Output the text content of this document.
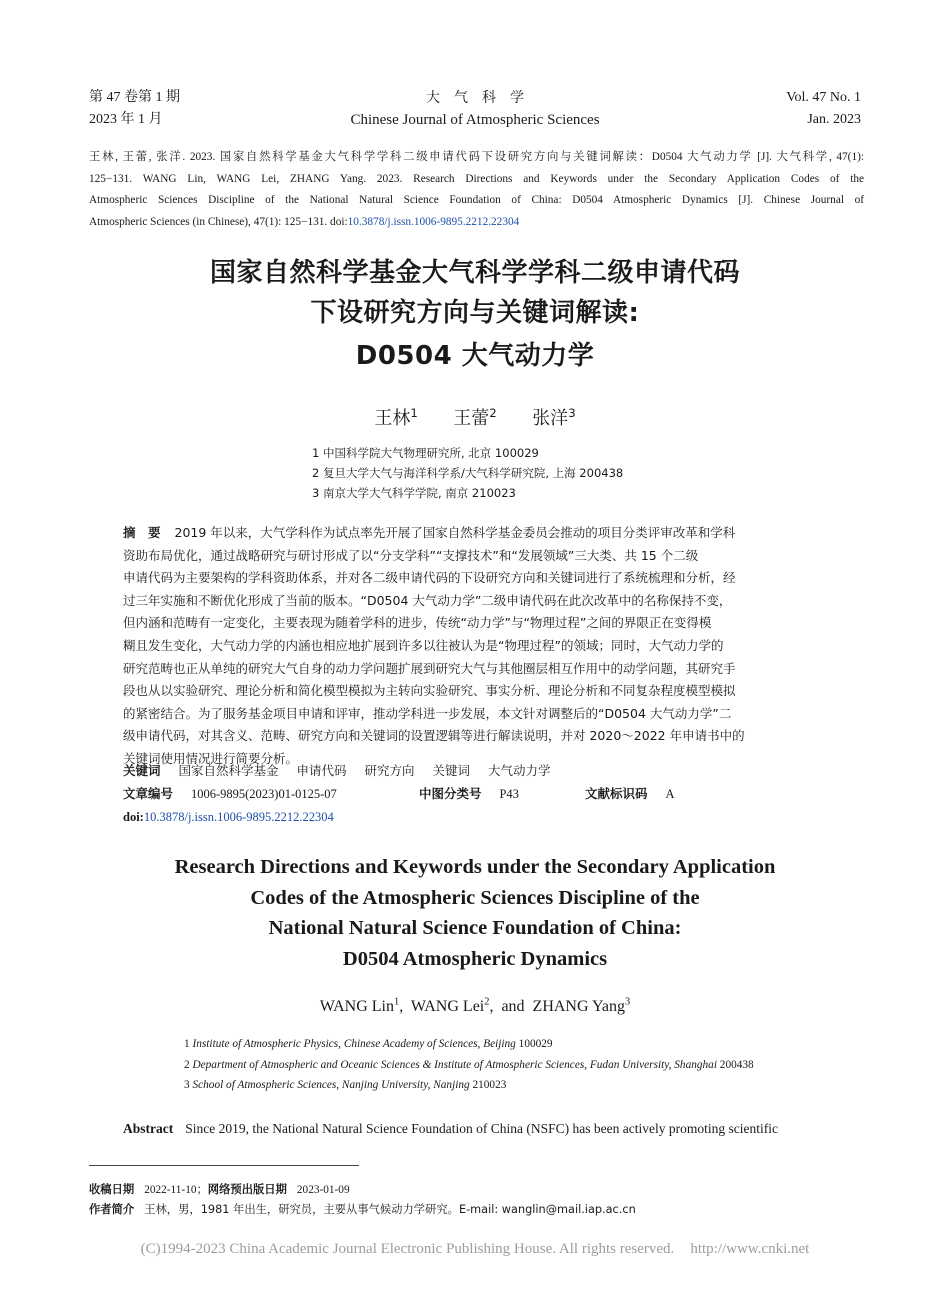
第 47 卷第 1 期
2023 年 1 月
大　气　科　学
Chinese Journal of Atmospheric Sciences
Vol. 47 No. 1
Jan. 2023
王林, 王蕾, 张洋. 2023. 国家自然科学基金大气科学学科二级申请代码下设研究方向与关键词解读：D0504 大气动力学 [J]. 大气科学, 47(1):
125−131. WANG Lin, WANG Lei, ZHANG Yang. 2023. Research Directions and Keywords under the Secondary Application Codes of the
Atmospheric Sciences Discipline of the National Natural Science Foundation of China: D0504 Atmospheric Dynamics [J]. Chinese Journal of
Atmospheric Sciences (in Chinese), 47(1): 125−131. doi:10.3878/j.issn.1006-9895.2212.22304
国家自然科学基金大气科学学科二级申请代码
下设研究方向与关键词解读:
D0504 大气动力学
王林$^1$ 王蕾$^2$ 张洋$^3$
1 中国科学院大气物理研究所, 北京 100029
2 复旦大学大气与海洋科学系/大气科学研究院, 上海 200438
3 南京大学大气科学学院, 南京 210023
摘　要 2019 年以来，大气学科作为试点率先开展了国家自然科学基金委员会推动的项目分类评审改革和学科
资助布局优化，通过战略研究与研讨形成了以“分支学科”“支撑技术”和“发展领域”三大类、共 15 个二级
申请代码为主要架构的学科资助体系，并对各二级申请代码的下设研究方向和关键词进行了系统梳理和分析，经
过三年实施和不断优化形成了当前的版本。“D0504 大气动力学”二级申请代码在此次改革中的名称保持不变，
但内涵和范畴有一定变化，主要表现为随着学科的进步，传统“动力学”与“物理过程”之间的界限正在变得模
糊且发生变化，大气动力学的内涵也相应地扩展到许多以往被认为是“物理过程”的领域；同时，大气动力学的
研究范畴也正从单纯的研究大气自身的动力学问题扩展到研究大气与其他圈层相互作用中的动学问题，其研究手
段也从以实验研究、理论分析和简化模型模拟为主转向实验研究、事实分析、理论分析和不同复杂程度模型模拟
的紧密结合。为了服务基金项目申请和评审，推动学科进一步发展，本文针对调整后的“D0504 大气动力学”二
级申请代码，对其含义、范畴、研究方向和关键词的设置逻辑等进行解读说明，并对 2020～2022 年申请书中的
关键词使用情况进行简要分析。
关键词 国家自然科学基金 申请代码 研究方向 关键词 大气动力学
文章编号 1006-9895(2023)01-0125-07	中图分类号 P43	文献标识码 A
doi:10.3878/j.issn.1006-9895.2212.22304
Research Directions and Keywords under the Secondary Application
Codes of the Atmospheric Sciences Discipline of the
National Natural Science Foundation of China:
D0504 Atmospheric Dynamics
WANG Lin$^1$,  WANG Lei$^2$,  and  ZHANG Yang$^3$
1 Institute of Atmospheric Physics, Chinese Academy of Sciences, Beijing 100029
2 Department of Atmospheric and Oceanic Sciences & Institute of Atmospheric Sciences, Fudan University, Shanghai 200438
3 School of Atmospheric Sciences, Nanjing University, Nanjing 210023
Abstract Since 2019, the National Natural Science Foundation of China (NSFC) has been actively promoting scientific
收稿日期 2022-11-10；网络预出版日期 2023-01-09
作者简介 王林，男，1981 年出生，研究员，主要从事气候动力学研究。E-mail: wanglin@mail.iap.ac.cn
(C)1994-2023 China Academic Journal Electronic Publishing House. All rights reserved. http://www.cnki.net
